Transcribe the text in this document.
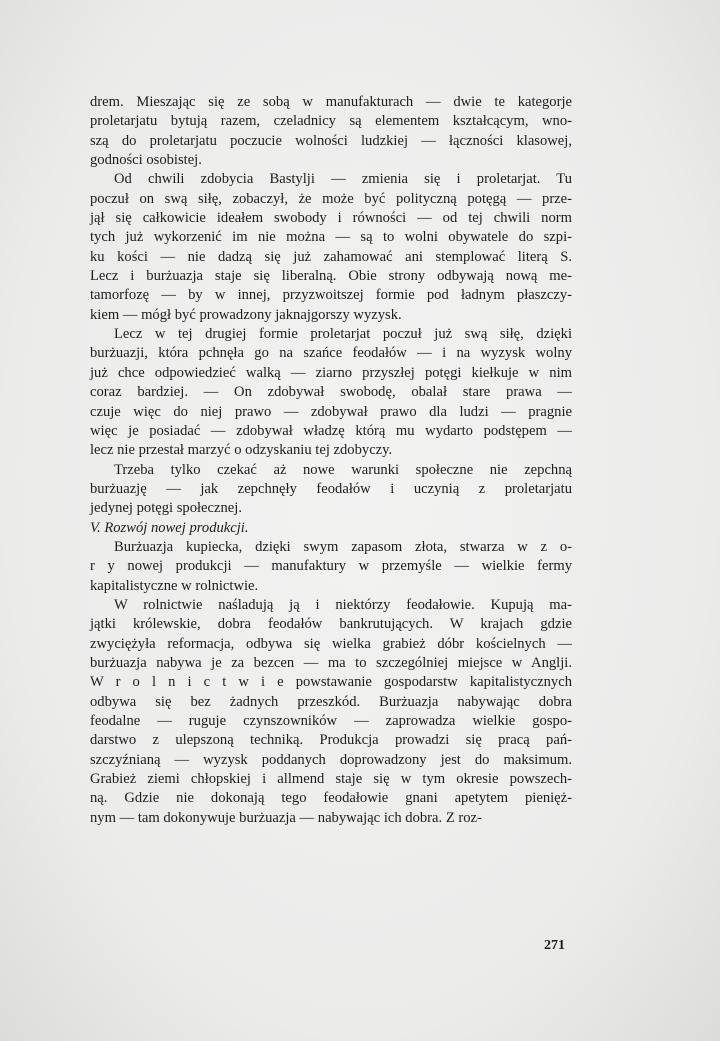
drem. Mieszając się ze sobą w manufakturach — dwie te kategorje
proletarjatu bytują razem, czeladnicy są elementem kształcącym, wno-
szą do proletarjatu poczucie wolności ludzkiej — łączności klasowej,
godności osobistej.
Od chwili zdobycia Bastylji — zmienia się i proletarjat. Tu
poczuł on swą siłę, zobaczył, że może być polityczną potęgą — prze-
jął się całkowicie ideałem swobody i równości — od tej chwili norm
tych już wykorzenić im nie można — są to wolni obywatele do szpi-
ku kości — nie dadzą się już zahamować ani stemplować literą S.
Lecz i burżuazja staje się liberalną. Obie strony odbywają nową me-
tamorfozę — by w innej, przyzwoitszej formie pod ładnym płaszczy-
kiem — mógł być prowadzony jaknajgorszy wyzysk.
Lecz w tej drugiej formie proletarjat poczuł już swą siłę, dzięki
burżuazji, która pchnęła go na szańce feodałów — i na wyzysk wolny
już chce odpowiedzieć walką — ziarno przyszłej potęgi kiełkuje w nim
coraz bardziej. — On zdobywał swobodę, obalał stare prawa —
czuje więc do niej prawo — zdobywał prawo dla ludzi — pragnie
więc je posiadać — zdobywał władzę którą mu wydarto podstępem —
lecz nie przestał marzyć o odzyskaniu tej zdobyczy.
Trzeba tylko czekać aż nowe warunki społeczne nie zepchną
burżuazję — jak zepchnęły feodałów i uczynią z proletarjatu
jedynej potęgi społecznej.
V. Rozwój nowej produkcji.
Burżuazja kupiecka, dzięki swym zapasom złota, stwarza w z o-
r y nowej produkcji — manufaktury w przemyśle — wielkie fermy
kapitalistyczne w rolnictwie.
W rolnictwie naśladują ją i niektórzy feodałowie. Kupują ma-
jątki królewskie, dobra feodałów bankrutujących. W krajach gdzie
zwyciężyła reformacja, odbywa się wielka grabież dóbr kościelnych —
burżuazja nabywa je za bezcen — ma to szczególniej miejsce w Anglji.
W r o l n i c t w i e powstawanie gospodarstw kapitalistycznych
odbywa się bez żadnych przeszkód. Burżuazja nabywając dobra
feodalne — ruguje czynszowników — zaprowadza wielkie gospo-
darstwo z ulepszoną techniką. Produkcja prowadzi się pracą pań-
szczyźnianą — wyzysk poddanych doprowadzony jest do maksimum.
Grabież ziemi chłopskiej i allmend staje się w tym okresie powszech-
ną. Gdzie nie dokonają tego feodałowie gnani apetytem pienięż-
nym — tam dokonywuje burżuazja — nabywając ich dobra. Z roz-
271
